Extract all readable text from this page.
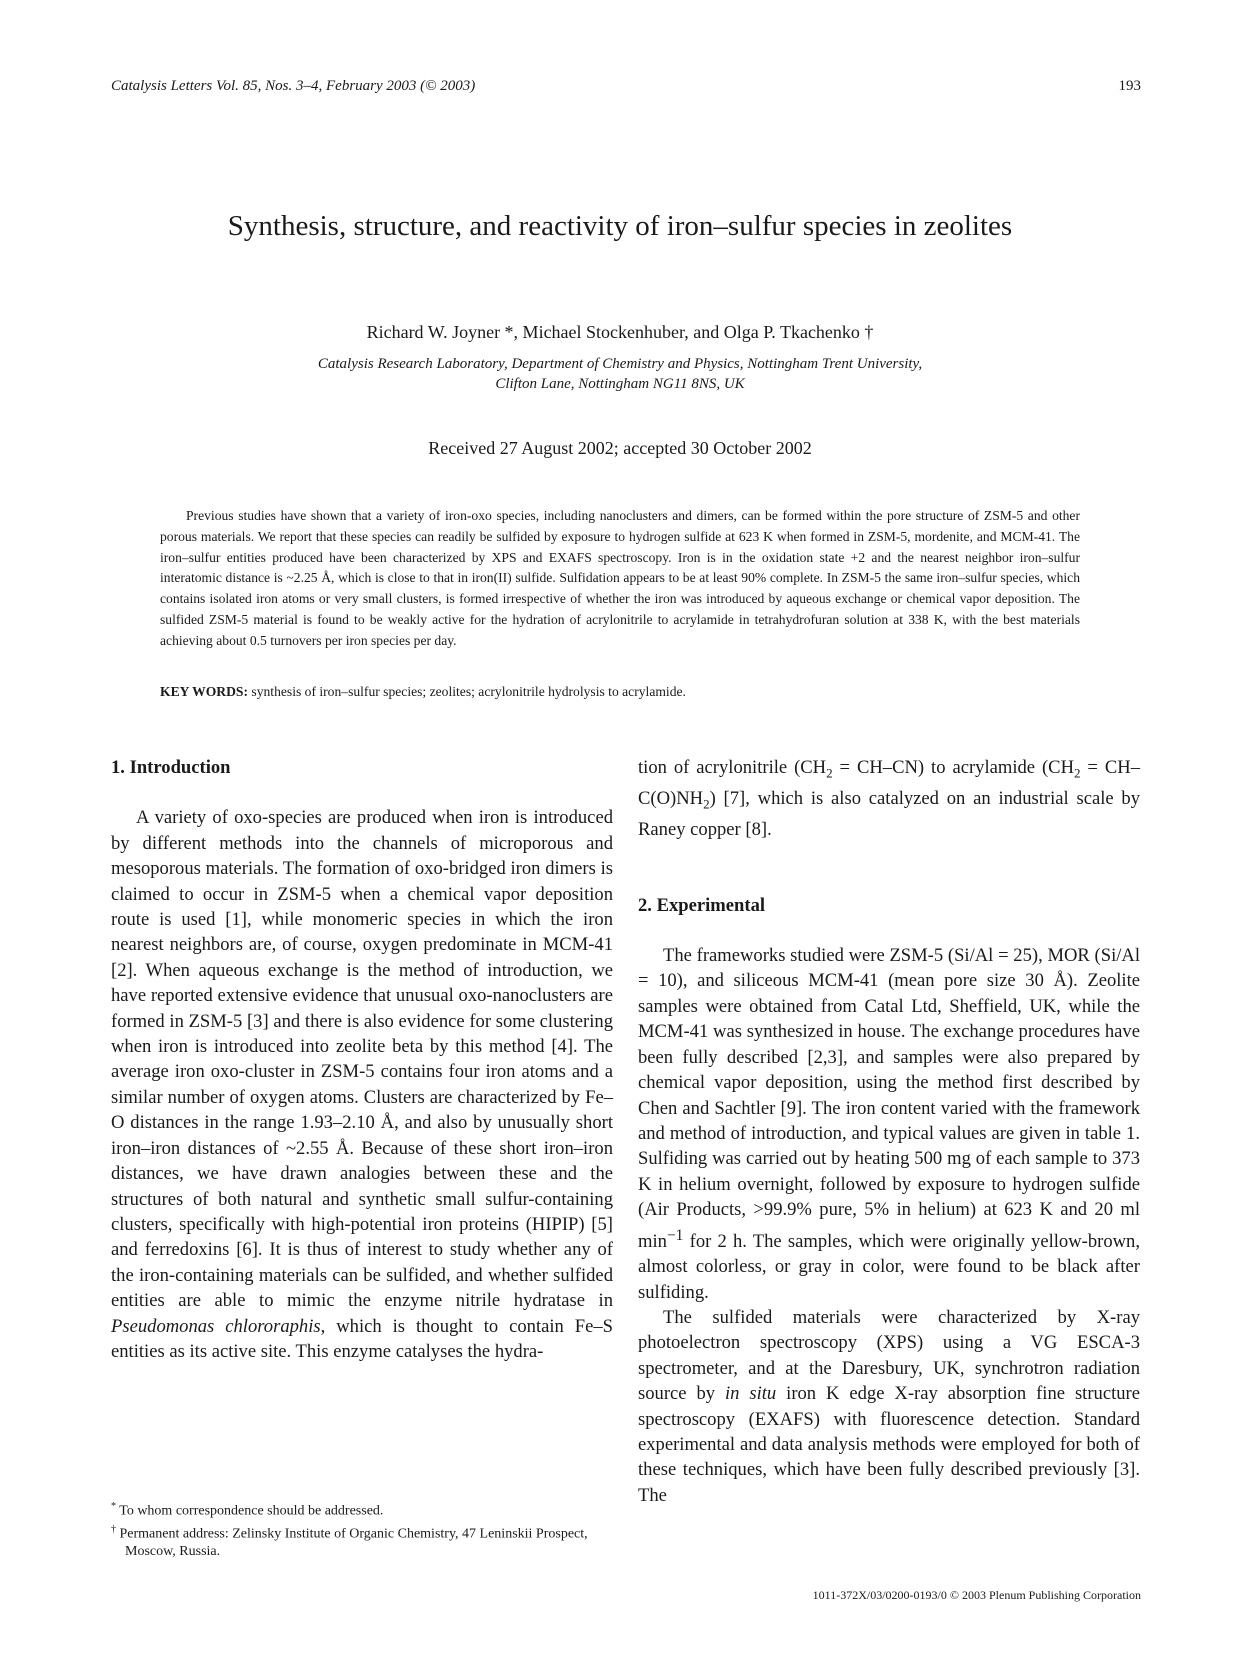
Catalysis Letters Vol. 85, Nos. 3–4, February 2003 (© 2003)	193
Synthesis, structure, and reactivity of iron–sulfur species in zeolites
Richard W. Joyner *, Michael Stockenhuber, and Olga P. Tkachenko †
Catalysis Research Laboratory, Department of Chemistry and Physics, Nottingham Trent University,
Clifton Lane, Nottingham NG11 8NS, UK
Received 27 August 2002; accepted 30 October 2002

Previous studies have shown that a variety of iron-oxo species, including nanoclusters and dimers, can be formed within the pore structure of ZSM-5 and other porous materials. We report that these species can readily be sulfided by exposure to hydrogen sulfide at 623 K when formed in ZSM-5, mordenite, and MCM-41. The iron–sulfur entities produced have been characterized by XPS and EXAFS spectroscopy. Iron is in the oxidation state +2 and the nearest neighbor iron–sulfur interatomic distance is ~2.25 Å, which is close to that in iron(II) sulfide. Sulfidation appears to be at least 90% complete. In ZSM-5 the same iron–sulfur species, which contains isolated iron atoms or very small clusters, is formed irrespective of whether the iron was introduced by aqueous exchange or chemical vapor deposition. The sulfided ZSM-5 material is found to be weakly active for the hydration of acrylonitrile to acrylamide in tetrahydrofuran solution at 338 K, with the best materials achieving about 0.5 turnovers per iron species per day.

KEY WORDS: synthesis of iron–sulfur species; zeolites; acrylonitrile hydrolysis to acrylamide.
1. Introduction

A variety of oxo-species are produced when iron is introduced by different methods into the channels of microporous and mesoporous materials. The formation of oxo-bridged iron dimers is claimed to occur in ZSM-5 when a chemical vapor deposition route is used [1], while monomeric species in which the iron nearest neighbors are, of course, oxygen predominate in MCM-41 [2]. When aqueous exchange is the method of introduction, we have reported extensive evidence that unusual oxo-nanoclusters are formed in ZSM-5 [3] and there is also evidence for some clustering when iron is introduced into zeolite beta by this method [4]. The average iron oxo-cluster in ZSM-5 contains four iron atoms and a similar number of oxygen atoms. Clusters are characterized by Fe–O distances in the range 1.93–2.10 Å, and also by unusually short iron–iron distances of ~2.55 Å. Because of these short iron–iron distances, we have drawn analogies between these and the structures of both natural and synthetic small sulfur-containing clusters, specifically with high-potential iron proteins (HIPIP) [5] and ferredoxins [6]. It is thus of interest to study whether any of the iron-containing materials can be sulfided, and whether sulfided entities are able to mimic the enzyme nitrile hydratase in Pseudomonas chlororaphis, which is thought to contain Fe–S entities as its active site. This enzyme catalyses the hydra-

tion of acrylonitrile $(CH_2 = CH-CN)$ to acrylamide $(CH_2 = CH-C(O)NH_2)$ [7], which is also catalyzed on an industrial scale by Raney copper [8].

2. Experimental

The frameworks studied were ZSM-5 (Si/Al = 25), MOR (Si/Al = 10), and siliceous MCM-41 (mean pore size 30 Å). Zeolite samples were obtained from Catal Ltd, Sheffield, UK, while the MCM-41 was synthesized in house. The exchange procedures have been fully described [2,3], and samples were also prepared by chemical vapor deposition, using the method first described by Chen and Sachtler [9]. The iron content varied with the framework and method of introduction, and typical values are given in table 1. Sulfiding was carried out by heating 500 mg of each sample to 373 K in helium overnight, followed by exposure to hydrogen sulfide (Air Products, >99.9% pure, 5% in helium) at 623 K and 20 ml $\min^{-1}$ for 2 h. The samples, which were originally yellow-brown, almost colorless, or gray in color, were found to be black after sulfiding.

The sulfided materials were characterized by X-ray photoelectron spectroscopy (XPS) using a VG ESCA-3 spectrometer, and at the Daresbury, UK, synchrotron radiation source by in situ iron K edge X-ray absorption fine structure spectroscopy (EXAFS) with fluorescence detection. Standard experimental and data analysis methods were employed for both of these techniques, which have been fully described previously [3]. The

* To whom correspondence should be addressed.
† Permanent address: Zelinsky Institute of Organic Chemistry, 47 Leninskii Prospect, Moscow, Russia.
1011-372X/03/0200-0193/0 © 2003 Plenum Publishing Corporation
